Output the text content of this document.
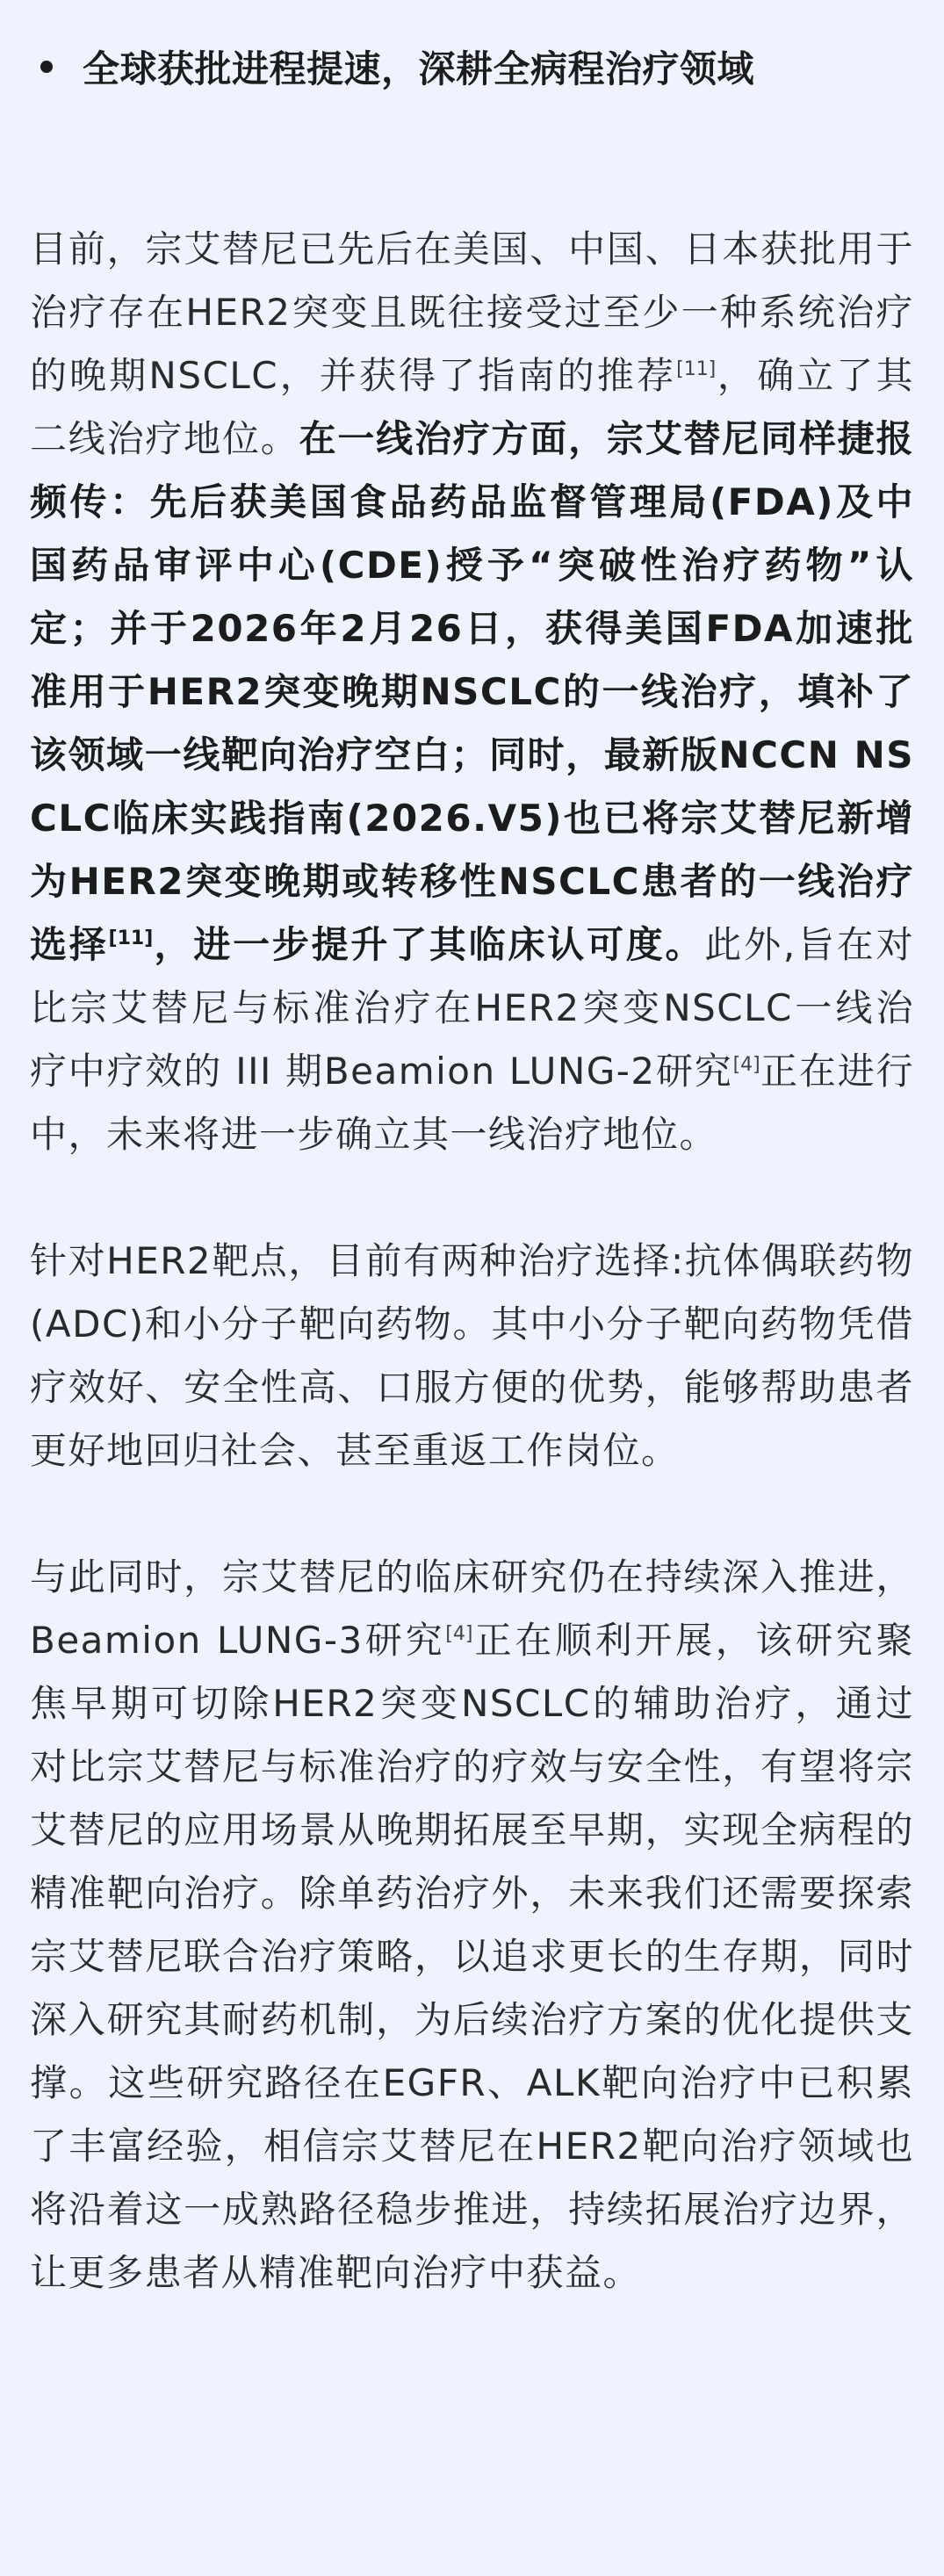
全球获批进程提速，深耕全病程治疗领域

目前，宗艾替尼已先后在美国、中国、日本获批用于治疗存在HER2突变且既往接受过至少一种系统治疗的晚期NSCLC，并获得了指南的推荐[11]，确立了其二线治疗地位。在一线治疗方面，宗艾替尼同样捷报频传：先后获美国食品药品监督管理局(FDA)及中国药品审评中心(CDE)授予“突破性治疗药物”认定；并于2026年2月26日，获得美国FDA加速批准用于HER2突变晚期NSCLC的一线治疗，填补了该领域一线靶向治疗空白；同时，最新版NCCN NSCLC临床实践指南(2026.V5)也已将宗艾替尼新增为HER2突变晚期或转移性NSCLC患者的一线治疗选择[11]，进一步提升了其临床认可度。此外,旨在对比宗艾替尼与标准治疗在HER2突变NSCLC一线治疗中疗效的 III 期Beamion LUNG-2研究[4]正在进行中，未来将进一步确立其一线治疗地位。

针对HER2靶点，目前有两种治疗选择:抗体偶联药物(ADC)和小分子靶向药物。其中小分子靶向药物凭借疗效好、安全性高、口服方便的优势，能够帮助患者更好地回归社会、甚至重返工作岗位。

与此同时，宗艾替尼的临床研究仍在持续深入推进，Beamion LUNG-3研究[4]正在顺利开展，该研究聚焦早期可切除HER2突变NSCLC的辅助治疗，通过对比宗艾替尼与标准治疗的疗效与安全性，有望将宗艾替尼的应用场景从晚期拓展至早期，实现全病程的精准靶向治疗。除单药治疗外，未来我们还需要探索宗艾替尼联合治疗策略，以追求更长的生存期，同时深入研究其耐药机制，为后续治疗方案的优化提供支撑。这些研究路径在EGFR、ALK靶向治疗中已积累了丰富经验，相信宗艾替尼在HER2靶向治疗领域也将沿着这一成熟路径稳步推进，持续拓展治疗边界，让更多患者从精准靶向治疗中获益。
